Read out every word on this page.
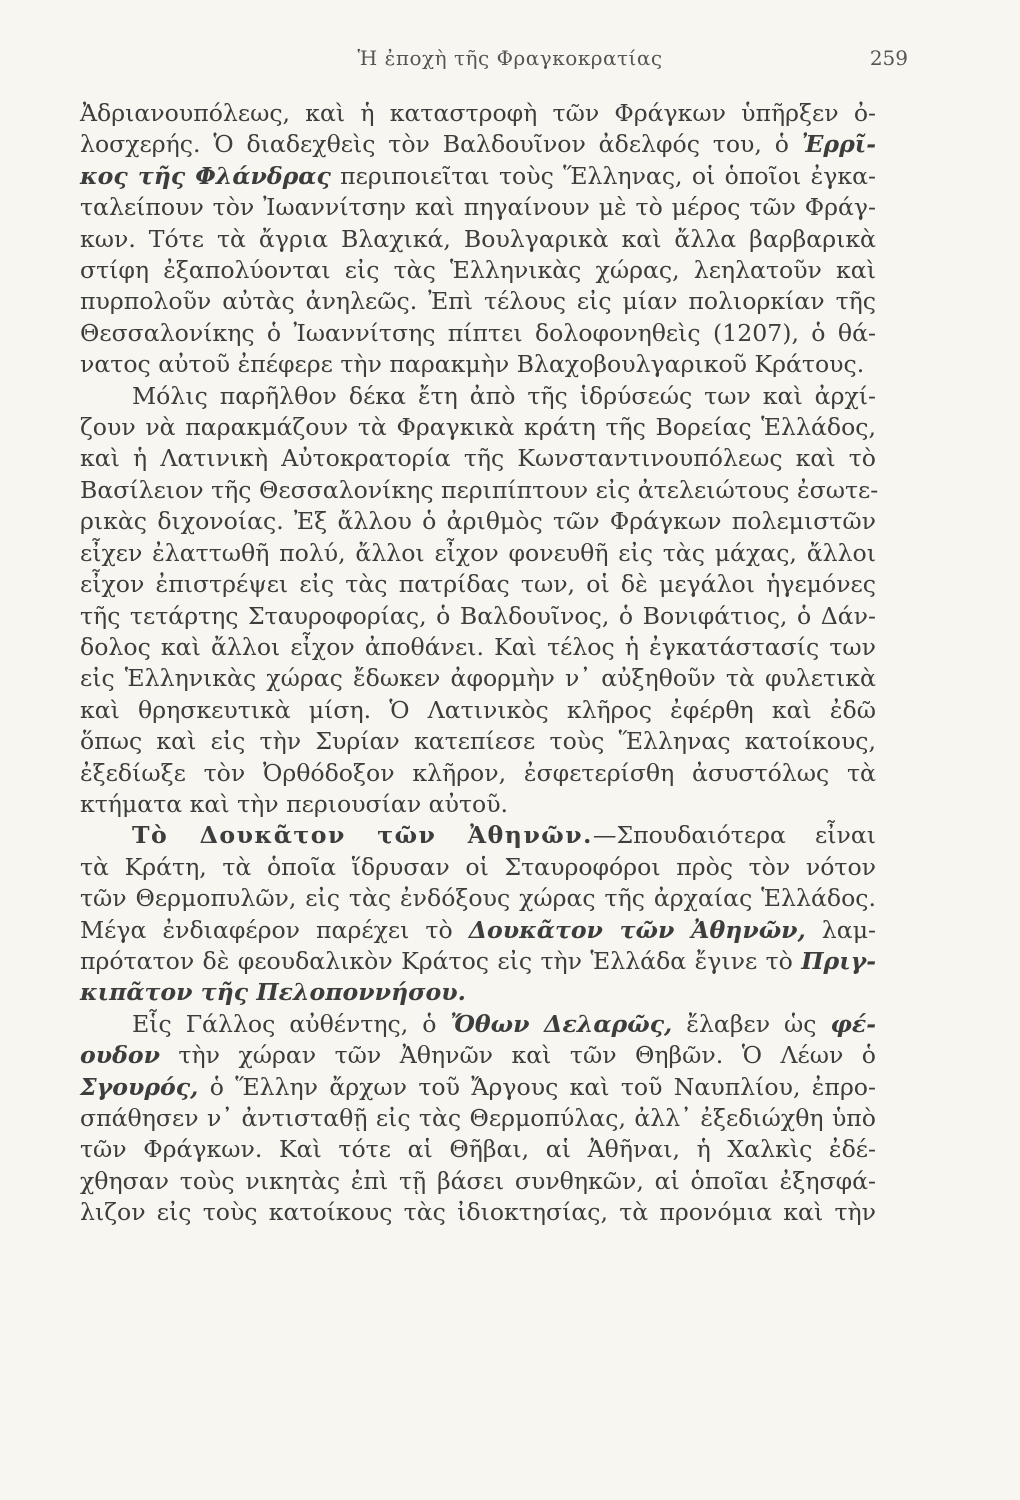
Ἡ ἐποχὴ τῆς Φραγκοκρατίας	259
Ἀδριανουπόλεως, καὶ ἡ καταστροφὴ τῶν Φράγκων ὑπῆρξεν ὀ-
λοσχερής. Ὁ διαδεχθεὶς τὸν Βαλδουῖνον ἀδελφός του, ὁ Ἐρρῖ-
κος τῆς Φλάνδρας περιποιεῖται τοὺς Ἕλληνας, οἱ ὁποῖοι ἐγκα-
ταλείπουν τὸν Ἰωαννίτσην καὶ πηγαίνουν μὲ τὸ μέρος τῶν Φράγ-
κων. Τότε τὰ ἄγρια Βλαχικά, Βουλγαρικὰ καὶ ἄλλα βαρβαρικὰ
στίφη ἐξαπολύονται εἰς τὰς Ἑλληνικὰς χώρας, λεηλατοῦν καὶ
πυρπολοῦν αὐτὰς ἀνηλεῶς. Ἐπὶ τέλους εἰς μίαν πολιορκίαν τῆς
Θεσσαλονίκης ὁ Ἰωαννίτσης πίπτει δολοφονηθεὶς (1207), ὁ θά-
νατος αὐτοῦ ἐπέφερε τὴν παρακμὴν Βλαχοβουλγαρικοῦ Κράτους.
Μόλις παρῆλθον δέκα ἔτη ἀπὸ τῆς ἱδρύσεώς των καὶ ἀρχί-
ζουν νὰ παρακμάζουν τὰ Φραγκικὰ κράτη τῆς Βορείας Ἑλλάδος,
καὶ ἡ Λατινικὴ Αὐτοκρατορία τῆς Κωνσταντινουπόλεως καὶ τὸ
Βασίλειον τῆς Θεσσαλονίκης περιπίπτουν εἰς ἀτελειώτους ἐσωτε-
ρικὰς διχονοίας. Ἐξ ἄλλου ὁ ἀριθμὸς τῶν Φράγκων πολεμιστῶν
εἶχεν ἐλαττωθῆ πολύ, ἄλλοι εἶχον φονευθῆ εἰς τὰς μάχας, ἄλλοι
εἶχον ἐπιστρέψει εἰς τὰς πατρίδας των, οἱ δὲ μεγάλοι ἡγεμόνες
τῆς τετάρτης Σταυροφορίας, ὁ Βαλδουῖνος, ὁ Βονιφάτιος, ὁ Δάν-
δολος καὶ ἄλλοι εἶχον ἀποθάνει. Καὶ τέλος ἡ ἐγκατάστασίς των
εἰς Ἑλληνικὰς χώρας ἔδωκεν ἀφορμὴν ν᾿ αὐξηθοῦν τὰ φυλετικὰ
καὶ θρησκευτικὰ μίση. Ὁ Λατινικὸς κλῆρος ἐφέρθη καὶ ἐδῶ
ὅπως καὶ εἰς τὴν Συρίαν κατεπίεσε τοὺς Ἕλληνας κατοίκους,
ἐξεδίωξε τὸν Ὀρθόδοξον κλῆρον, ἐσφετερίσθη ἀσυστόλως τὰ
κτήματα καὶ τὴν περιουσίαν αὐτοῦ.
Τὸ Δουκᾶτον τῶν Ἀθηνῶν.—Σπουδαιότερα εἶναι
τὰ Κράτη, τὰ ὁποῖα ἵδρυσαν οἱ Σταυροφόροι πρὸς τὸν νότον
τῶν Θερμοπυλῶν, εἰς τὰς ἐνδόξους χώρας τῆς ἀρχαίας Ἑλλάδος.
Μέγα ἐνδιαφέρον παρέχει τὸ Δουκᾶτον τῶν Ἀθηνῶν, λαμ-
πρότατον δὲ φεουδαλικὸν Κράτος εἰς τὴν Ἑλλάδα ἔγινε τὸ Πριγ-
κιπᾶτον τῆς Πελοποννήσου.
Εἷς Γάλλος αὐθέντης, ὁ Ὄθων Δελαρῶς, ἔλαβεν ὡς φέ-
ουδον τὴν χώραν τῶν Ἀθηνῶν καὶ τῶν Θηβῶν. Ὁ Λέων ὁ
Σγουρός, ὁ Ἕλλην ἄρχων τοῦ Ἄργους καὶ τοῦ Ναυπλίου, ἐπρο-
σπάθησεν ν᾿ ἀντισταθῇ εἰς τὰς Θερμοπύλας, ἀλλ᾿ ἐξεδιώχθη ὑπὸ
τῶν Φράγκων. Καὶ τότε αἱ Θῆβαι, αἱ Ἀθῆναι, ἡ Χαλκὶς ἐδέ-
χθησαν τοὺς νικητὰς ἐπὶ τῇ βάσει συνθηκῶν, αἱ ὁποῖαι ἐξησφά-
λιζον εἰς τοὺς κατοίκους τὰς ἰδιοκτησίας, τὰ προνόμια καὶ τὴν
